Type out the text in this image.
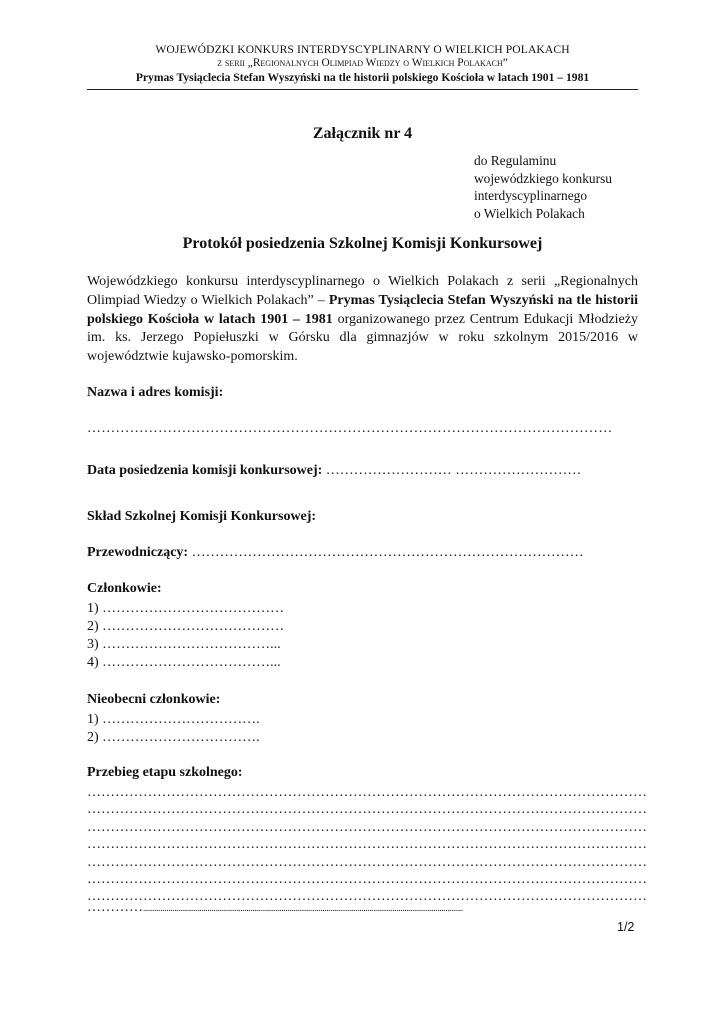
WOJEWÓDZKI KONKURS INTERDYSCYPLINARNY O WIELKICH POLAKACH
z serii „Regionalnych Olimpiad Wiedzy o Wielkich Polakach”
Prymas Tysiąclecia Stefan Wyszyński na tle historii polskiego Kościoła w latach 1901 – 1981
Załącznik nr 4
do Regulaminu
wojewódzkiego konkursu
interdyscyplinarnego
o Wielkich Polakach
Protokół posiedzenia Szkolnej Komisji Konkursowej
Wojewódzkiego konkursu interdyscyplinarnego o Wielkich Polakach z serii „Regionalnych Olimpiad Wiedzy o Wielkich Polakach” – Prymas Tysiąclecia Stefan Wyszyński na tle historii polskiego Kościoła w latach 1901 – 1981 organizowanego przez Centrum Edukacji Młodzieży im. ks. Jerzego Popiełuszki w Górsku dla gimnazjów w roku szkolnym 2015/2016 w województwie kujawsko-pomorskim.
Nazwa i adres komisji:
…………………………………………………………………………………………………
Data posiedzenia komisji konkursowej: ……………………… ………………………
Skład Szkolnej Komisji Konkursowej:
Przewodniczący: …………………………………………………………………………
Członkowie:
1) …………………………………
2) …………………………………
3) ………………………………...
4) ………………………………...
Nieobecni członkowie:
1) …………………………….
2) …………………………….
Przebieg etapu szkolnego:
…………………………………………………………………………………………………………
…………………………………………………………………………………………………………
…………………………………………………………………………………………………………
…………………………………………………………………………………………………………
…………………………………………………………………………………………………………
…………………………………………………………………………………………………………
…………………………………………………………………………………………………………
…………....................................................................................................................................................................
1/2
